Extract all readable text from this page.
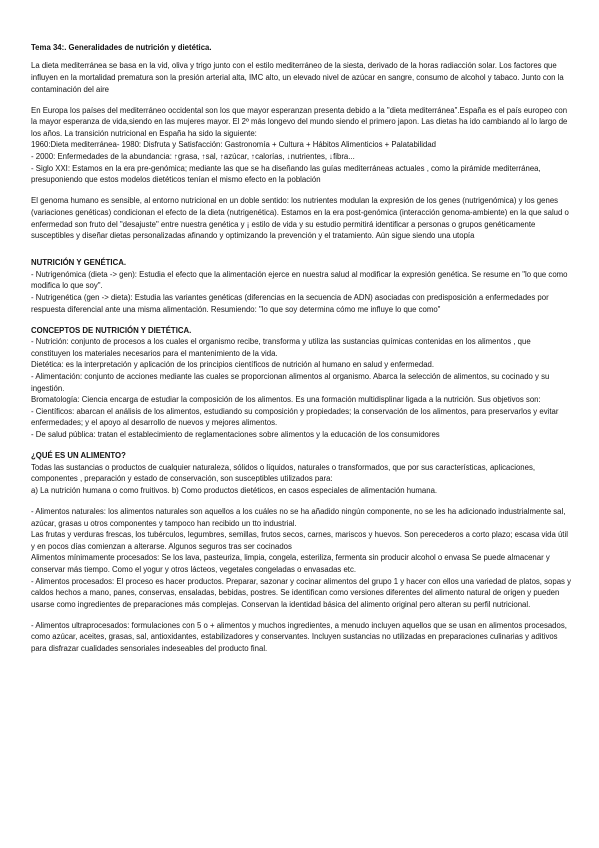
Tema 34:. Generalidades de nutrición y dietética.

La dieta mediterránea se basa en la vid, oliva y trigo junto con el estilo mediterráneo de la siesta, derivado de la horas radiacción solar. Los factores que influyen en la mortalidad prematura son la presión arterial alta, IMC alto, un elevado nivel de azúcar en sangre, consumo de alcohol y tabaco. Junto con la contaminación del aire

En Europa los países del mediterráneo occidental son los que mayor esperanzan presenta debido a la "dieta mediterránea".España es el país europeo con la mayor esperanza de vida,siendo en las mujeres mayor. El 2º más longevo del mundo siendo el primero japon. Las dietas ha ido cambiando al lo largo de los años. La transición nutricional en España ha sido la siguiente:

1960:Dieta mediterránea- 1980: Disfruta y Satisfacción: Gastronomía + Cultura + Hábitos Alimenticios + Palatabilidad

- 2000: Enfermedades de la abundancia: ↑grasa, ↑sal, ↑azúcar, ↑calorías, ↓nutrientes, ↓fibra...

- Siglo XXI: Estamos en la era pre-genómica; mediante las que se ha diseñando las guías mediterráneas actuales , como la pirámide mediterránea, presuponiendo que estos modelos dietéticos tenían el mismo efecto en la población

El genoma humano es sensible, al entorno nutricional en un doble sentido: los nutrientes modulan la expresión de los genes (nutrigenómica) y los genes (variaciones genéticas) condicionan el efecto de la dieta (nutrigenética). Estamos en la era post-genómica (interacción genoma-ambiente) en la que salud o enfermedad son fruto del "desajuste" entre nuestra genética y ¡ estilo de vida y su estudio permitirá identificar a personas o grupos genéticamente susceptibles y diseñar dietas personalizadas afinando y optimizando la prevención y el tratamiento. Aún sigue siendo una utopía

NUTRICIÓN Y GENÉTICA.

- Nutrigenómica (dieta -> gen): Estudia el efecto que la alimentación ejerce en nuestra salud al modificar la expresión genética. Se resume en "lo que como modifica lo que soy".

- Nutrigenética (gen -> dieta): Estudia las variantes genéticas (diferencias en la secuencia de ADN) asociadas con predisposición a enfermedades por respuesta diferencial ante una misma alimentación. Resumiendo: "lo que soy determina cómo me influye lo que como"

CONCEPTOS DE NUTRICIÓN Y DIETÉTICA.

- Nutrición: conjunto de procesos a los cuales el organismo recibe, transforma y utiliza las sustancias químicas contenidas en los alimentos , que constituyen los materiales necesarios para el mantenimiento de la vida.

Dietética: es la interpretación y aplicación de los principios científicos de nutrición al humano en salud y enfermedad.

- Alimentación: conjunto de acciones mediante las cuales se proporcionan alimentos al organismo. Abarca la selección de alimentos, su cocinado y su ingestión.

Bromatología: Ciencia encarga de estudiar la composición de los alimentos. Es una formación multidisplinar ligada a la nutrición. Sus objetivos son:

- Científicos: abarcan el análisis de los alimentos, estudiando su composición y propiedades; la conservación de los alimentos, para preservarlos y evitar enfermedades; y el apoyo al desarrollo de nuevos y mejores alimentos.

- De salud pública: tratan el establecimiento de reglamentaciones sobre alimentos y la educación de los consumidores

¿QUÉ ES UN ALIMENTO?

Todas las sustancias o productos de cualquier naturaleza, sólidos o líquidos, naturales o transformados, que por sus características, aplicaciones, componentes , preparación y estado de conservación, son susceptibles utilizados para:

a) La nutrición humana o como fruitivos. b) Como productos dietéticos, en casos especiales de alimentación humana.

- Alimentos naturales: los alimentos naturales son aquellos a los cuáles no se ha añadido ningún componente, no se les ha adicionado industrialmente sal, azúcar, grasas u otros componentes y tampoco han recibido un tto industrial.

Las frutas y verduras frescas, los tubérculos, legumbres, semillas, frutos secos, carnes, mariscos y huevos. Son perecederos a corto plazo; escasa vida útil y en pocos días comienzan a alterarse. Algunos seguros tras ser cocinados

Alimentos mínimamente procesados: Se los lava, pasteuriza, limpia, congela, esteriliza, fermenta sin producir alcohol o envasa Se puede almacenar y conservar más tiempo. Como el yogur y otros lácteos, vegetales congeladas o envasadas etc.

- Alimentos procesados: El proceso es hacer productos. Preparar, sazonar y cocinar alimentos del grupo 1 y hacer con ellos una variedad de platos, sopas y caldos hechos a mano, panes, conservas, ensaladas, bebidas, postres. Se identifican como versiones diferentes del alimento natural de origen y pueden usarse como ingredientes de preparaciones más complejas. Conservan la identidad básica del alimento original pero alteran su perfil nutricional.

- Alimentos ultraprocesados: formulaciones con 5 o + alimentos y muchos ingredientes, a menudo incluyen aquellos que se usan en alimentos procesados, como azúcar, aceites, grasas, sal, antioxidantes, estabilizadores y conservantes. Incluyen sustancias no utilizadas en preparaciones culinarias y aditivos para disfrazar cualidades sensoriales indeseables del producto final.
